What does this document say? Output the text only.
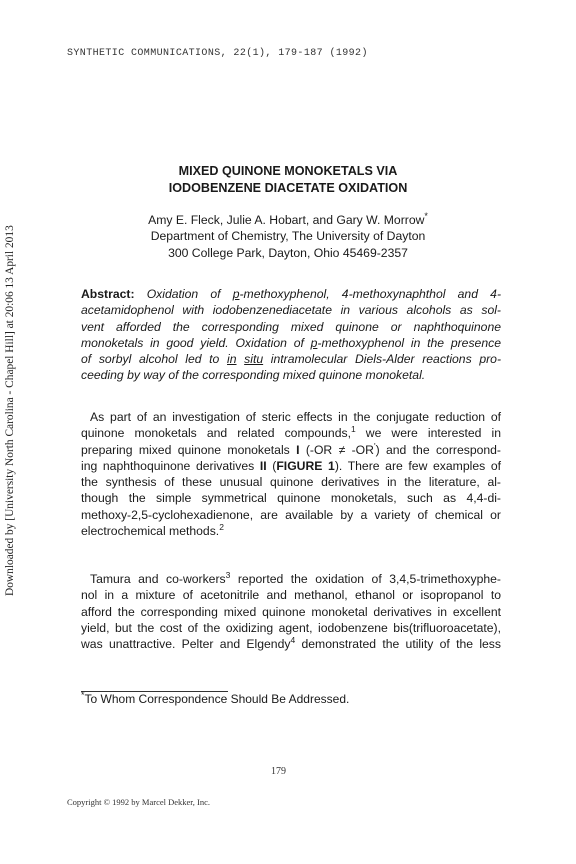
SYNTHETIC COMMUNICATIONS, 22(1), 179-187 (1992)
Downloaded by [University North Carolina - Chapel Hill] at 20:06 13 April 2013
MIXED QUINONE MONOKETALS VIA
IODOBENZENE DIACETATE OXIDATION
Amy E. Fleck, Julie A. Hobart, and Gary W. Morrow*
Department of Chemistry, The University of Dayton
300 College Park, Dayton, Ohio 45469-2357
Abstract: Oxidation of p-methoxyphenol, 4-methoxynaphthol and 4-
acetamidophenol with iodobenzenediacetate in various alcohols as sol-
vent afforded the corresponding mixed quinone or naphthoquinone
monoketals in good yield. Oxidation of p-methoxyphenol in the presence
of sorbyl alcohol led to in situ intramolecular Diels-Alder reactions pro-
ceeding by way of the corresponding mixed quinone monoketal.
As part of an investigation of steric effects in the conjugate reduction of
quinone monoketals and related compounds,$^1$ we were interested in
preparing mixed quinone monoketals I (-OR ≠ -OR') and the correspond-
ing naphthoquinone derivatives II (FIGURE 1). There are few examples of
the synthesis of these unusual quinone derivatives in the literature, al-
though the simple symmetrical quinone monoketals, such as 4,4-di-
methoxy-2,5-cyclohexadienone, are available by a variety of chemical or
electrochemical methods.$^2$
Tamura and co-workers$^3$ reported the oxidation of 3,4,5-trimethoxyphe-
nol in a mixture of acetonitrile and methanol, ethanol or isopropanol to
afford the corresponding mixed quinone monoketal derivatives in excellent
yield, but the cost of the oxidizing agent, iodobenzene bis(trifluoroacetate),
was unattractive. Pelter and Elgendy$^4$ demonstrated the utility of the less
*To Whom Correspondence Should Be Addressed.
179
Copyright © 1992 by Marcel Dekker, Inc.
